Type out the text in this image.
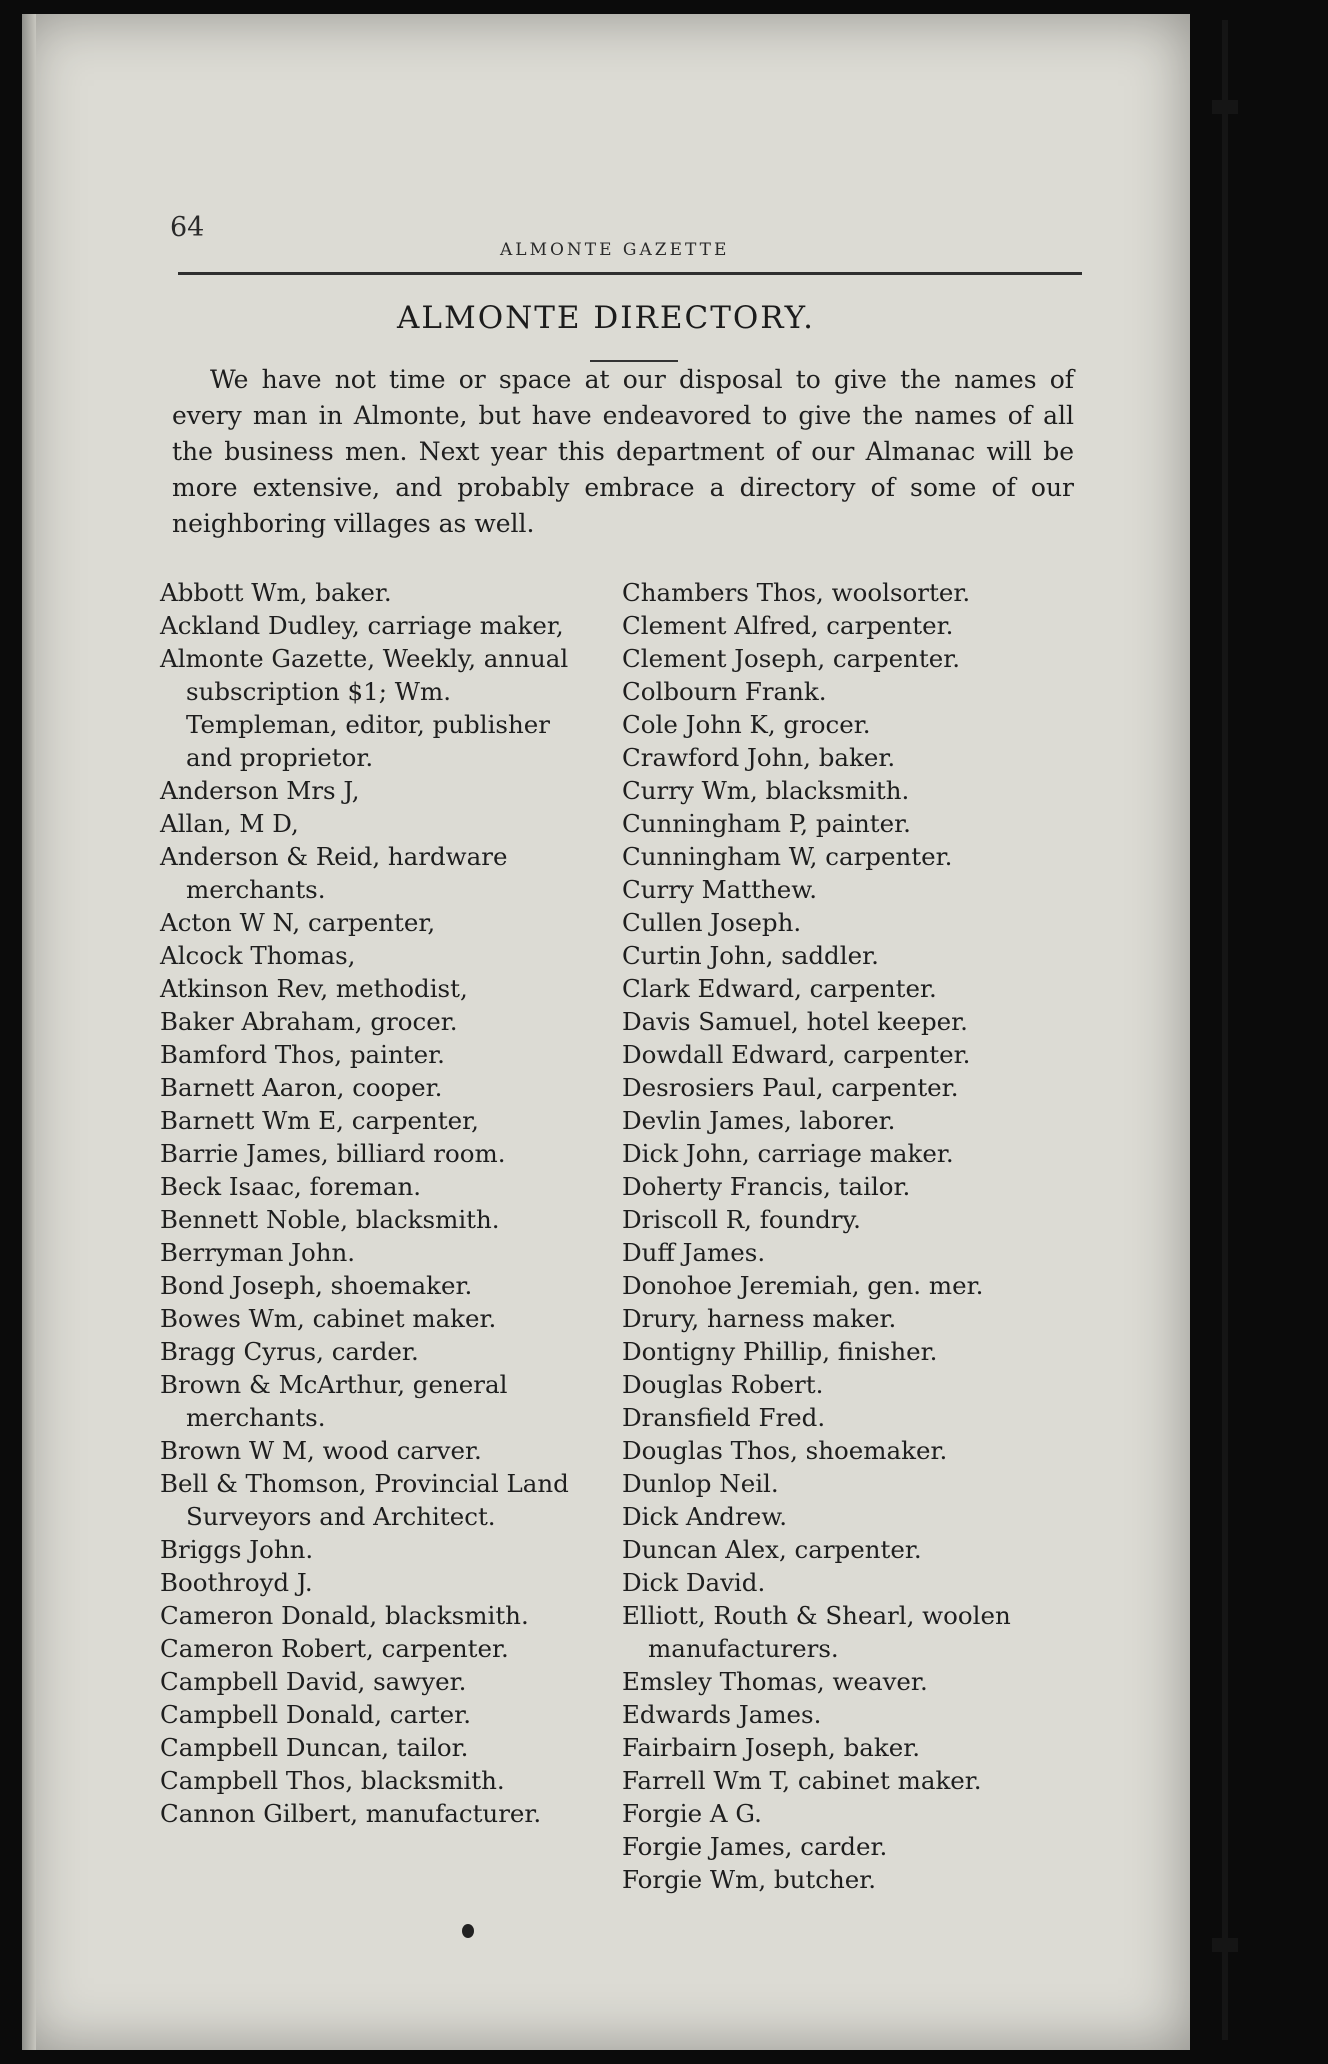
64
ALMONTE GAZETTE
ALMONTE DIRECTORY.
We have not time or space at our disposal to give the names of every man in Almonte, but have endeavored to give the names of all the business men. Next year this department of our Almanac will be more extensive, and probably embrace a directory of some of our neighboring villages as well.
Abbott Wm, baker.
Ackland Dudley, carriage maker,
Almonte Gazette, Weekly, annual subscription $1; Wm. Templeman, editor, publisher and proprietor.
Anderson Mrs J,
Allan, M D,
Anderson & Reid, hardware merchants.
Acton W N, carpenter,
Alcock Thomas,
Atkinson Rev, methodist,
Baker Abraham, grocer.
Bamford Thos, painter.
Barnett Aaron, cooper.
Barnett Wm E, carpenter,
Barrie James, billiard room.
Beck Isaac, foreman.
Bennett Noble, blacksmith.
Berryman John.
Bond Joseph, shoemaker.
Bowes Wm, cabinet maker.
Bragg Cyrus, carder.
Brown & McArthur, general merchants.
Brown W M, wood carver.
Bell & Thomson, Provincial Land Surveyors and Architect.
Briggs John.
Boothroyd J.
Cameron Donald, blacksmith.
Cameron Robert, carpenter.
Campbell David, sawyer.
Campbell Donald, carter.
Campbell Duncan, tailor.
Campbell Thos, blacksmith.
Cannon Gilbert, manufacturer.
Chambers Thos, woolsorter.
Clement Alfred, carpenter.
Clement Joseph, carpenter.
Colbourn Frank.
Cole John K, grocer.
Crawford John, baker.
Curry Wm, blacksmith.
Cunningham P, painter.
Cunningham W, carpenter.
Curry Matthew.
Cullen Joseph.
Curtin John, saddler.
Clark Edward, carpenter.
Davis Samuel, hotel keeper.
Dowdall Edward, carpenter.
Desrosiers Paul, carpenter.
Devlin James, laborer.
Dick John, carriage maker.
Doherty Francis, tailor.
Driscoll R, foundry.
Duff James.
Donohoe Jeremiah, gen. mer.
Drury, harness maker.
Dontigny Phillip, finisher.
Douglas Robert.
Dransfield Fred.
Douglas Thos, shoemaker.
Dunlop Neil.
Dick Andrew.
Duncan Alex, carpenter.
Dick David.
Elliott, Routh & Shearl, woolen manufacturers.
Emsley Thomas, weaver.
Edwards James.
Fairbairn Joseph, baker.
Farrell Wm T, cabinet maker.
Forgie A G.
Forgie James, carder.
Forgie Wm, butcher.
